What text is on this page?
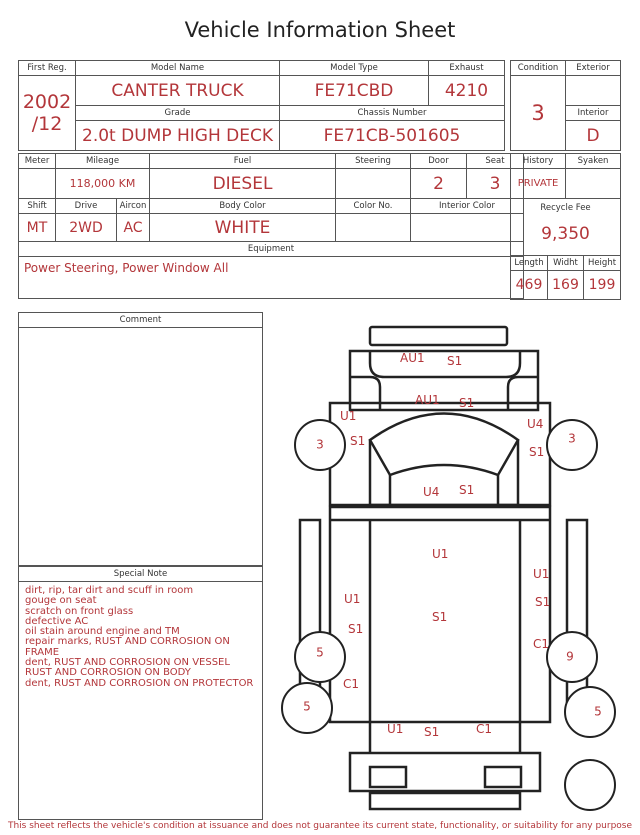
Vehicle Information Sheet
First Reg.	Model Name	Model Type	Exhaust

2002
/12	CANTER TRUCK	FE71CBD	4210
	Grade	Chassis Number	
	2.0t DUMP HIGH DECK	FE71CB-501605	
Condition	Exterior
3	
	Interior
	D
Meter	Mileage		Fuel	Steering	Door	Seat
	118,000 KM		DIESEL		2	3
Shift	Drive	Aircon	Body Color	Color No.	Interior Color	
MT	2WD	AC	WHITE			
Equipment						
Power Steering, Power Window All						
History		Syaken	
PRIVATE			

Recycle Fee
9,350			

Length	Widht		Height
469	169		199
Comment
Special Note
dirt, rip, tar dirt and scuff in room
gouge on seat
scratch on front glass
defective AC
oil stain around engine and TM
repair marks, RUST AND CORROSION ON
FRAME
dent, RUST AND CORROSION ON VESSEL
RUST AND CORROSION ON BODY
dent, RUST AND CORROSION ON PROTECTOR
3	3
5	9
5	5
AU1 S1
AU1 S1
U1
S1
U4
S1
U4 S1
U1
S1
U1
S1
C1
U1
S1
C1
U1 S1	C1
This sheet reflects the vehicle's condition at issuance and does not guarantee its current state, functionality, or suitability for any purpose
